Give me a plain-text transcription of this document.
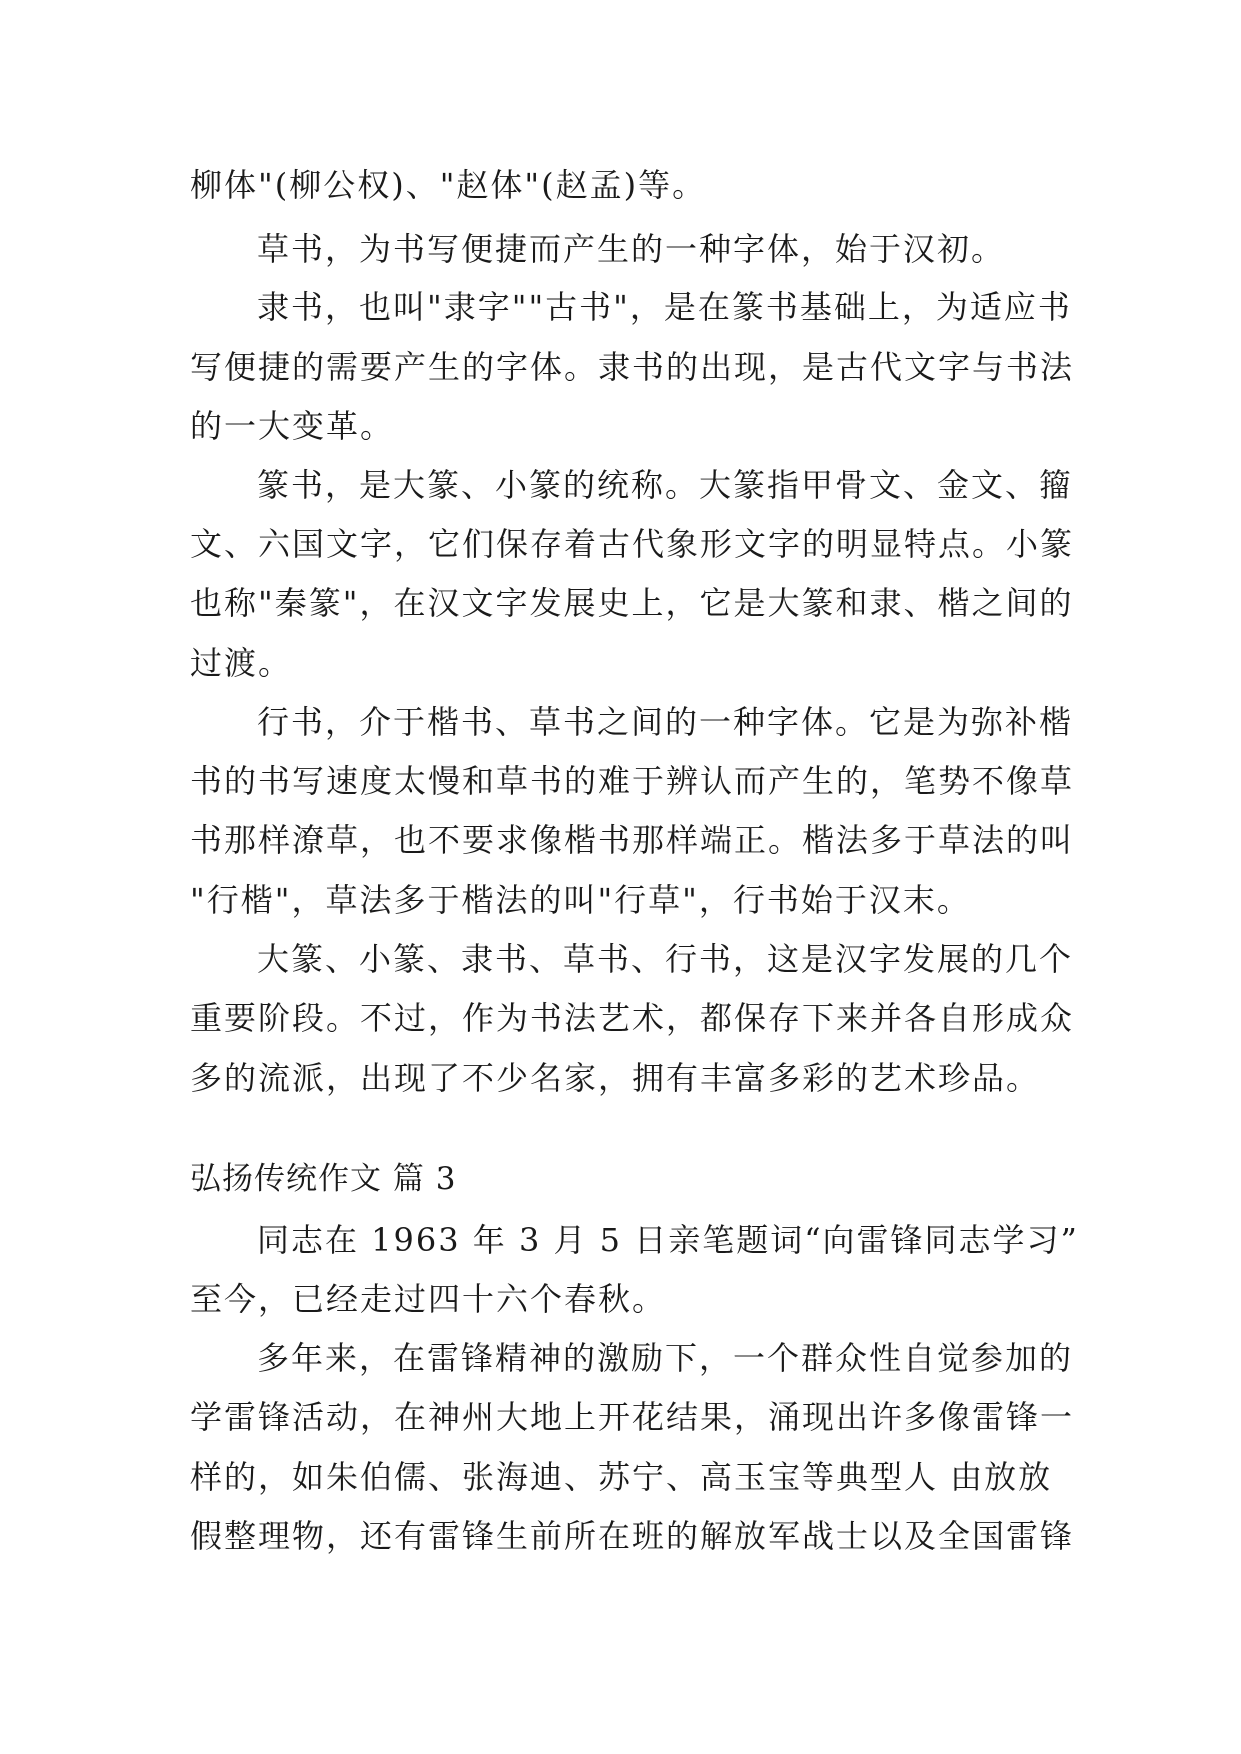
柳体"(柳公权)、"赵体"(赵孟)等。
草书，为书写便捷而产生的一种字体，始于汉初。
隶书，也叫"隶字""古书"，是在篆书基础上，为适应书
写便捷的需要产生的字体。隶书的出现，是古代文字与书法
的一大变革。
篆书，是大篆、小篆的统称。大篆指甲骨文、金文、籀
文、六国文字，它们保存着古代象形文字的明显特点。小篆
也称"秦篆"，在汉文字发展史上，它是大篆和隶、楷之间的
过渡。
行书，介于楷书、草书之间的一种字体。它是为弥补楷
书的书写速度太慢和草书的难于辨认而产生的，笔势不像草
书那样潦草，也不要求像楷书那样端正。楷法多于草法的叫
"行楷"，草法多于楷法的叫"行草"，行书始于汉末。
大篆、小篆、隶书、草书、行书，这是汉字发展的几个
重要阶段。不过，作为书法艺术，都保存下来并各自形成众
多的流派，出现了不少名家，拥有丰富多彩的艺术珍品。
弘扬传统作文 篇 3
同志在 1963 年 3 月 5 日亲笔题词“向雷锋同志学习”
至今，已经走过四十六个春秋。
多年来，在雷锋精神的激励下，一个群众性自觉参加的
学雷锋活动，在神州大地上开花结果，涌现出许多像雷锋一
样的，如朱伯儒、张海迪、苏宁、高玉宝等典型人 由放放
假整理物，还有雷锋生前所在班的解放军战士以及全国雷锋
